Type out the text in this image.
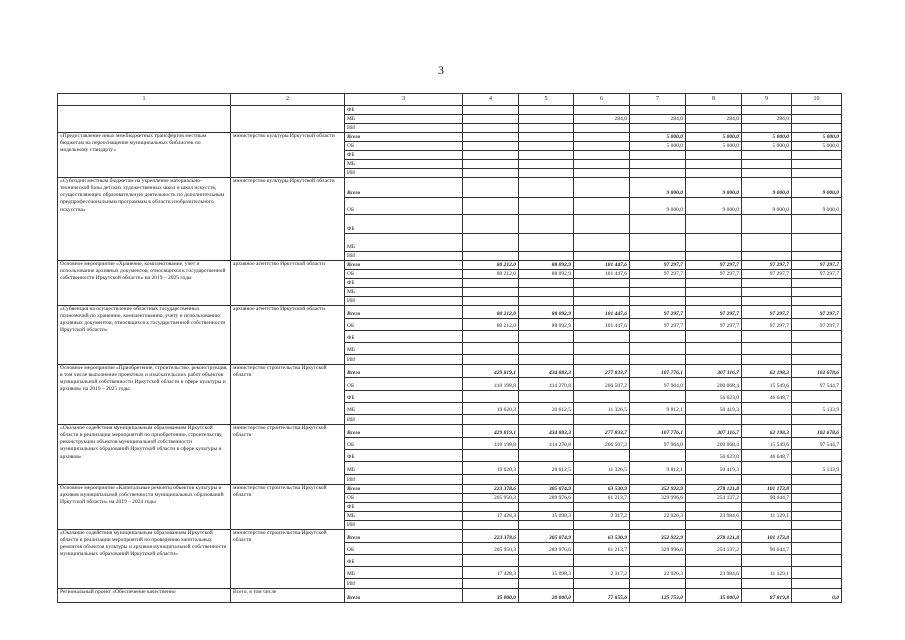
3
1	2	3	4	5	6	7	8	9	10
		ФБ							
		МБ			284,0	284,0	284,0	284,0	
		ИИ							
«Предоставление иных межбюджетных трансфертов местным бюджетам на переоснащение муниципальных библиотек по модельному стандарту»	министерство культуры Иркутской области	Всего				5 000,0	5 000,0	5 000,0	5 000,0
		ОБ				5 000,0	5 000,0	5 000,0	5 000,0
		ФБ							
		МБ							
		ИИ							
«Субсидии местным бюджетам на укрепление материально-технической базы детских художественных школ и школ искусств, осуществляющих образовательную деятельность по дополнительным предпрофессиональным программам в области изобразительного искусства»	министерство культуры Иркутской области	Всего				9 000,0	9 000,0	9 000,0	9 000,0
		ОБ				9 000,0	9 000,0	9 000,0	9 000,0
		ФБ							
		МБ							
		ИИ							
Основное мероприятие «Хранение, комплектование, учет и использование архивных документов, относящихся к государственной собственности Иркутской области» на 2019 – 2025 годы	архивное агентство Иркутской области	Всего	80 212,0	88 092,9	101 447,6	97 297,7	97 297,7	97 297,7	97 297,7
		ОБ	80 212,0	88 092,9	101 447,6	97 297,7	97 297,7	97 297,7	97 297,7
		ФБ							
		МБ							
		ИИ							
«Субвенция на осуществление областных государственных полномочий по хранению, комплектованию, учету и использованию архивных документов, относящихся к государственной собственности Иркутской области»	архивное агентство Иркутской области	Всего	80 212,0	88 092,9	101 447,6	97 297,7	97 297,7	97 297,7	97 297,7
		ОБ	80 212,0	88 092,9	101 447,6	97 297,7	97 297,7	97 297,7	97 297,7
		ФБ							
		МБ							
		ИИ							
Основное мероприятие «Приобретение, строительство, реконструкция, в том числе выполнение проектных и изыскательских работ объектов муниципальной собственности Иркутской области в сфере культуры и архивов» на 2019 – 2025 годы	министерство строительства Иркутской области	Всего	429 819,1	434 883,3	277 833,7	107 776,1	307 116,7	62 198,3	102 678,6
		ОБ	410 198,8	414 270,8	266 507,2	97 964,0	200 068,4	15 549,6	97 544,7
		ФБ					56 623,0	46 648,7	
		МБ	19 620,3	20 612,5	11 326,5	9 812,1	50 419,3		5 133,9
		ИИ							
«Оказание содействия муниципальным образованиям Иркутской области в реализации мероприятий по приобретению, строительству, реконструкции объектов муниципальной собственности муниципальных образований Иркутской области в сфере культуры и архивов»	министерство строительства Иркутской области	Всего	429 819,1	434 883,3	277 833,7	107 776,1	307 116,7	62 198,3	102 678,6
		ОБ	410 198,8	414 270,8	266 507,2	97 964,0	200 068,4	15 549,6	97 544,7
		ФБ					56 623,0	46 648,7	
		МБ	19 620,3	20 612,5	11 326,5	9 812,1	50 419,3		5 133,9
		ИИ							
Основное мероприятие «Капитальные ремонты объектов культуры и архивов муниципальной собственности муниципальных образований Иркутской области» на 2019 – 2024 годы	министерство строительства Иркутской области	Всего	223 378,6	305 074,9	63 530,9	352 922,9	278 121,8	101 173,8	
		ОБ	205 950,3	289 976,6	61 213,7	329 996,6	254 137,2	90 044,7	
		ФБ							
		МБ	17 428,3	15 098,3	2 317,2	22 926,3	23 984,6	11 129,1	
		ИИ							
«Оказание содействия муниципальным образованиям Иркутской области в реализации мероприятий по проведению капитальных ремонтов объектов культуры и архивов муниципальной собственности муниципальных образований Иркутской области»	министерство строительства Иркутской области	Всего	223 378,6	305 074,9	63 530,9	352 922,9	278 121,8	101 173,8	
		ОБ	205 950,3	289 976,6	61 213,7	329 996,6	254 137,2	90 044,7	
		ФБ							
		МБ	17 428,3	15 098,3	2 317,2	22 926,3	23 984,6	11 129,1	
		ИИ							
Региональный проект «Обеспечение качественно	Всего, в том числе	Всего	35 000,0	20 000,0	77 855,6	125 753,0	35 000,0	87 819,8	0,0
